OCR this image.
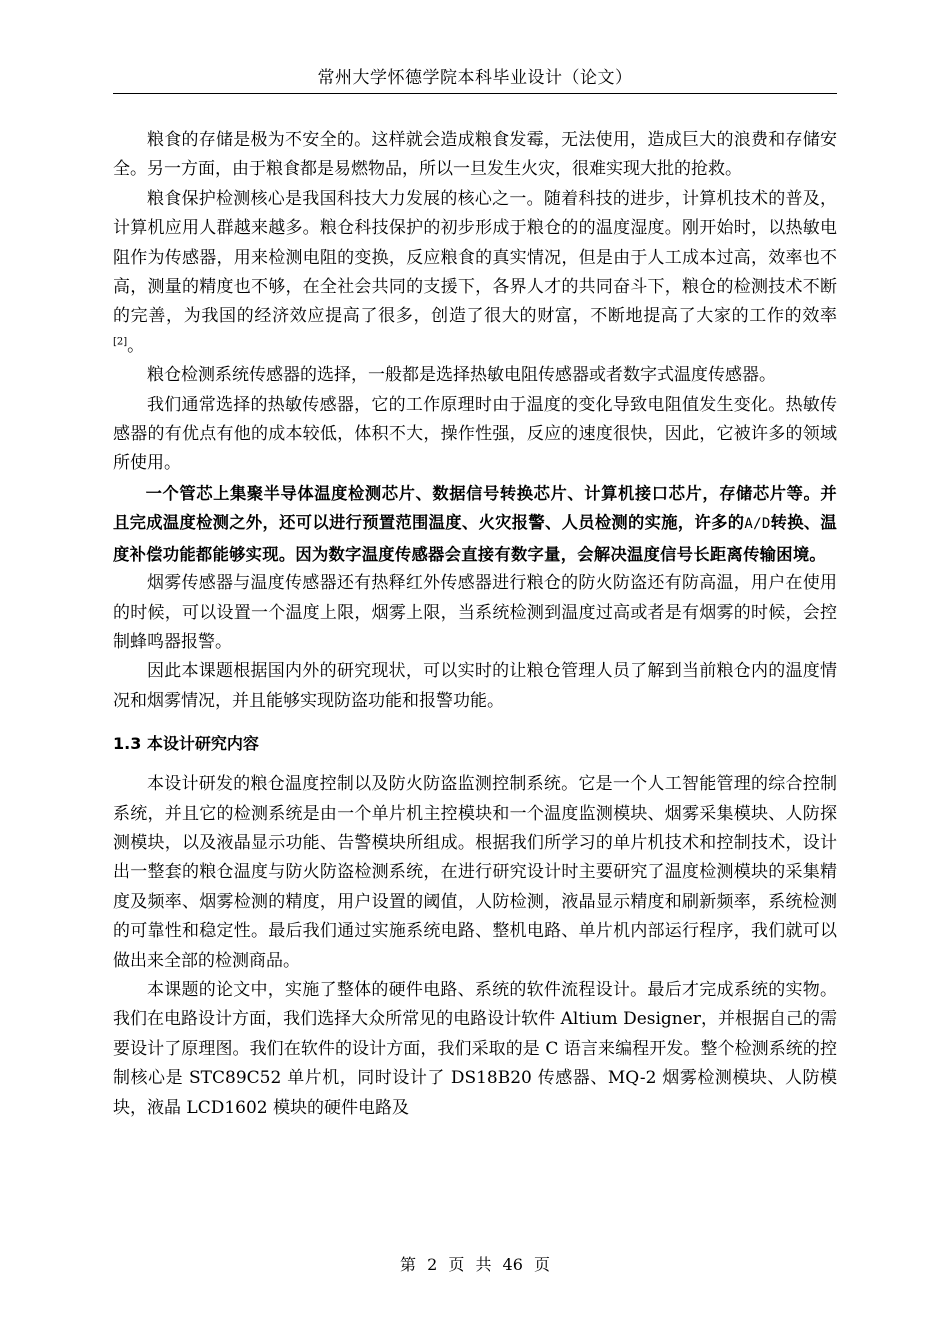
常州大学怀德学院本科毕业设计（论文）

粮食的存储是极为不安全的。这样就会造成粮食发霉，无法使用，造成巨大的浪费和存储安全。另一方面，由于粮食都是易燃物品，所以一旦发生火灾，很难实现大批的抢救。

粮食保护检测核心是我国科技大力发展的核心之一。随着科技的进步，计算机技术的普及，计算机应用人群越来越多。粮仓科技保护的初步形成于粮仓的的温度湿度。刚开始时，以热敏电阻作为传感器，用来检测电阻的变换，反应粮食的真实情况，但是由于人工成本过高，效率也不高，测量的精度也不够，在全社会共同的支援下，各界人才的共同奋斗下，粮仓的检测技术不断的完善，为我国的经济效应提高了很多，创造了很大的财富，不断地提高了大家的工作的效率[2]。

粮仓检测系统传感器的选择，一般都是选择热敏电阻传感器或者数字式温度传感器。

我们通常选择的热敏传感器，它的工作原理时由于温度的变化导致电阻值发生变化。热敏传感器的有优点有他的成本较低，体积不大，操作性强，反应的速度很快，因此，它被许多的领域所使用。

一个管芯上集聚半导体温度检测芯片、数据信号转换芯片、计算机接口芯片，存储芯片等。并且完成温度检测之外，还可以进行预置范围温度、火灾报警、人员检测的实施，许多的A/D转换、温度补偿功能都能够实现。因为数字温度传感器会直接有数字量，会解决温度信号长距离传输困境。

烟雾传感器与温度传感器还有热释红外传感器进行粮仓的防火防盗还有防高温，用户在使用的时候，可以设置一个温度上限，烟雾上限，当系统检测到温度过高或者是有烟雾的时候，会控制蜂鸣器报警。

因此本课题根据国内外的研究现状，可以实时的让粮仓管理人员了解到当前粮仓内的温度情况和烟雾情况，并且能够实现防盗功能和报警功能。

1.3 本设计研究内容

本设计研发的粮仓温度控制以及防火防盗监测控制系统。它是一个人工智能管理的综合控制系统，并且它的检测系统是由一个单片机主控模块和一个温度监测模块、烟雾采集模块、人防探测模块，以及液晶显示功能、告警模块所组成。根据我们所学习的单片机技术和控制技术，设计出一整套的粮仓温度与防火防盗检测系统，在进行研究设计时主要研究了温度检测模块的采集精度及频率、烟雾检测的精度，用户设置的阈值，人防检测，液晶显示精度和刷新频率，系统检测的可靠性和稳定性。最后我们通过实施系统电路、整机电路、单片机内部运行程序，我们就可以做出来全部的检测商品。

本课题的论文中，实施了整体的硬件电路、系统的软件流程设计。最后才完成系统的实物。我们在电路设计方面，我们选择大众所常见的电路设计软件 Altium Designer，并根据自己的需要设计了原理图。我们在软件的设计方面，我们采取的是 C 语言来编程开发。整个检测系统的控制核心是 STC89C52 单片机，同时设计了 DS18B20 传感器、MQ-2 烟雾检测模块、人防模块，液晶 LCD1602 模块的硬件电路及

第 2 页 共 46 页
